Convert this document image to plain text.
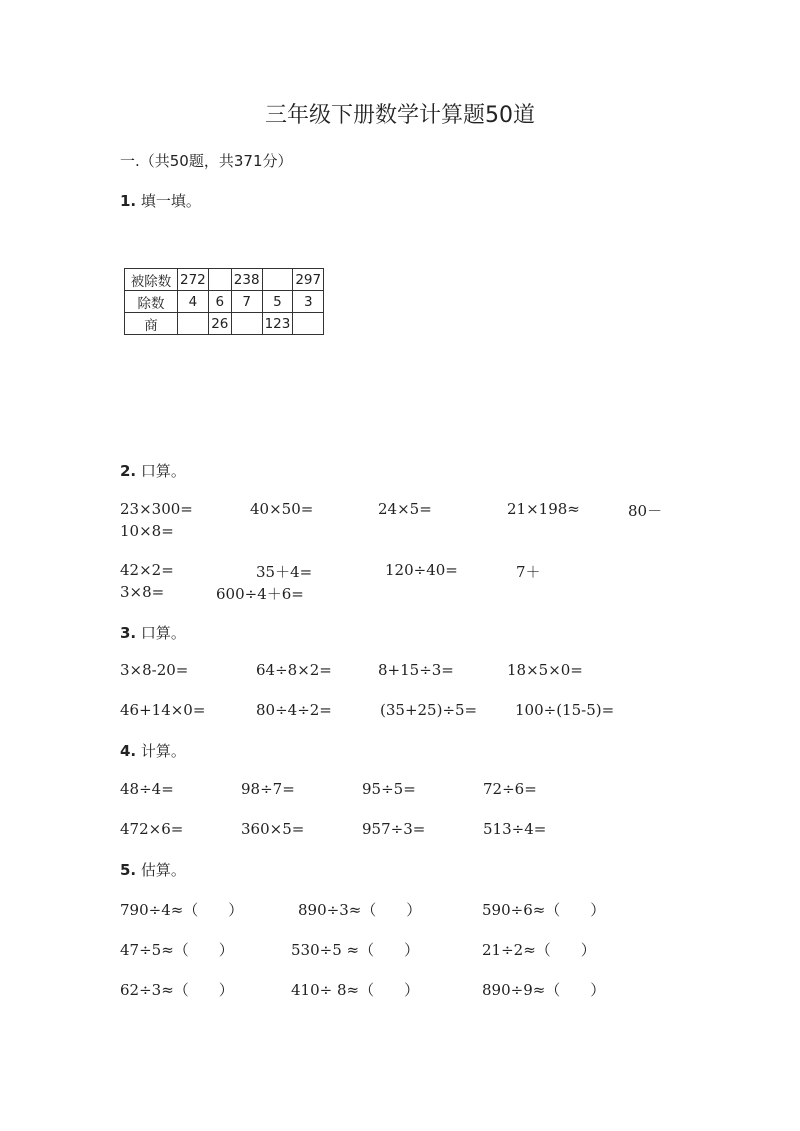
三年级下册数学计算题50道
一.（共50题，共371分）
1. 填一填。
被除数	272		238		297
除数	4	6	7	5	3
商		26		123	
2. 口算。
23×300=	40×50=	24×5=	21×198≈	80－
10×8=
42×2=	35＋4=	120÷40=	7＋
3×8=	600÷4＋6=
3. 口算。
3×8-20=	64÷8×2=	8+15÷3=	18×5×0=
46+14×0=	80÷4÷2=	(35+25)÷5=	100÷(15-5)=
4. 计算。
48÷4=	98÷7=	95÷5=	72÷6=
472×6=	360×5=	957÷3=	513÷4=
5. 估算。
790÷4≈（　　）	890÷3≈（　　）	590÷6≈（　　）
47÷5≈（　　）	530÷5 ≈（　　）	21÷2≈（　　）
62÷3≈（　　）	410÷ 8≈（　　）	890÷9≈（　　）
